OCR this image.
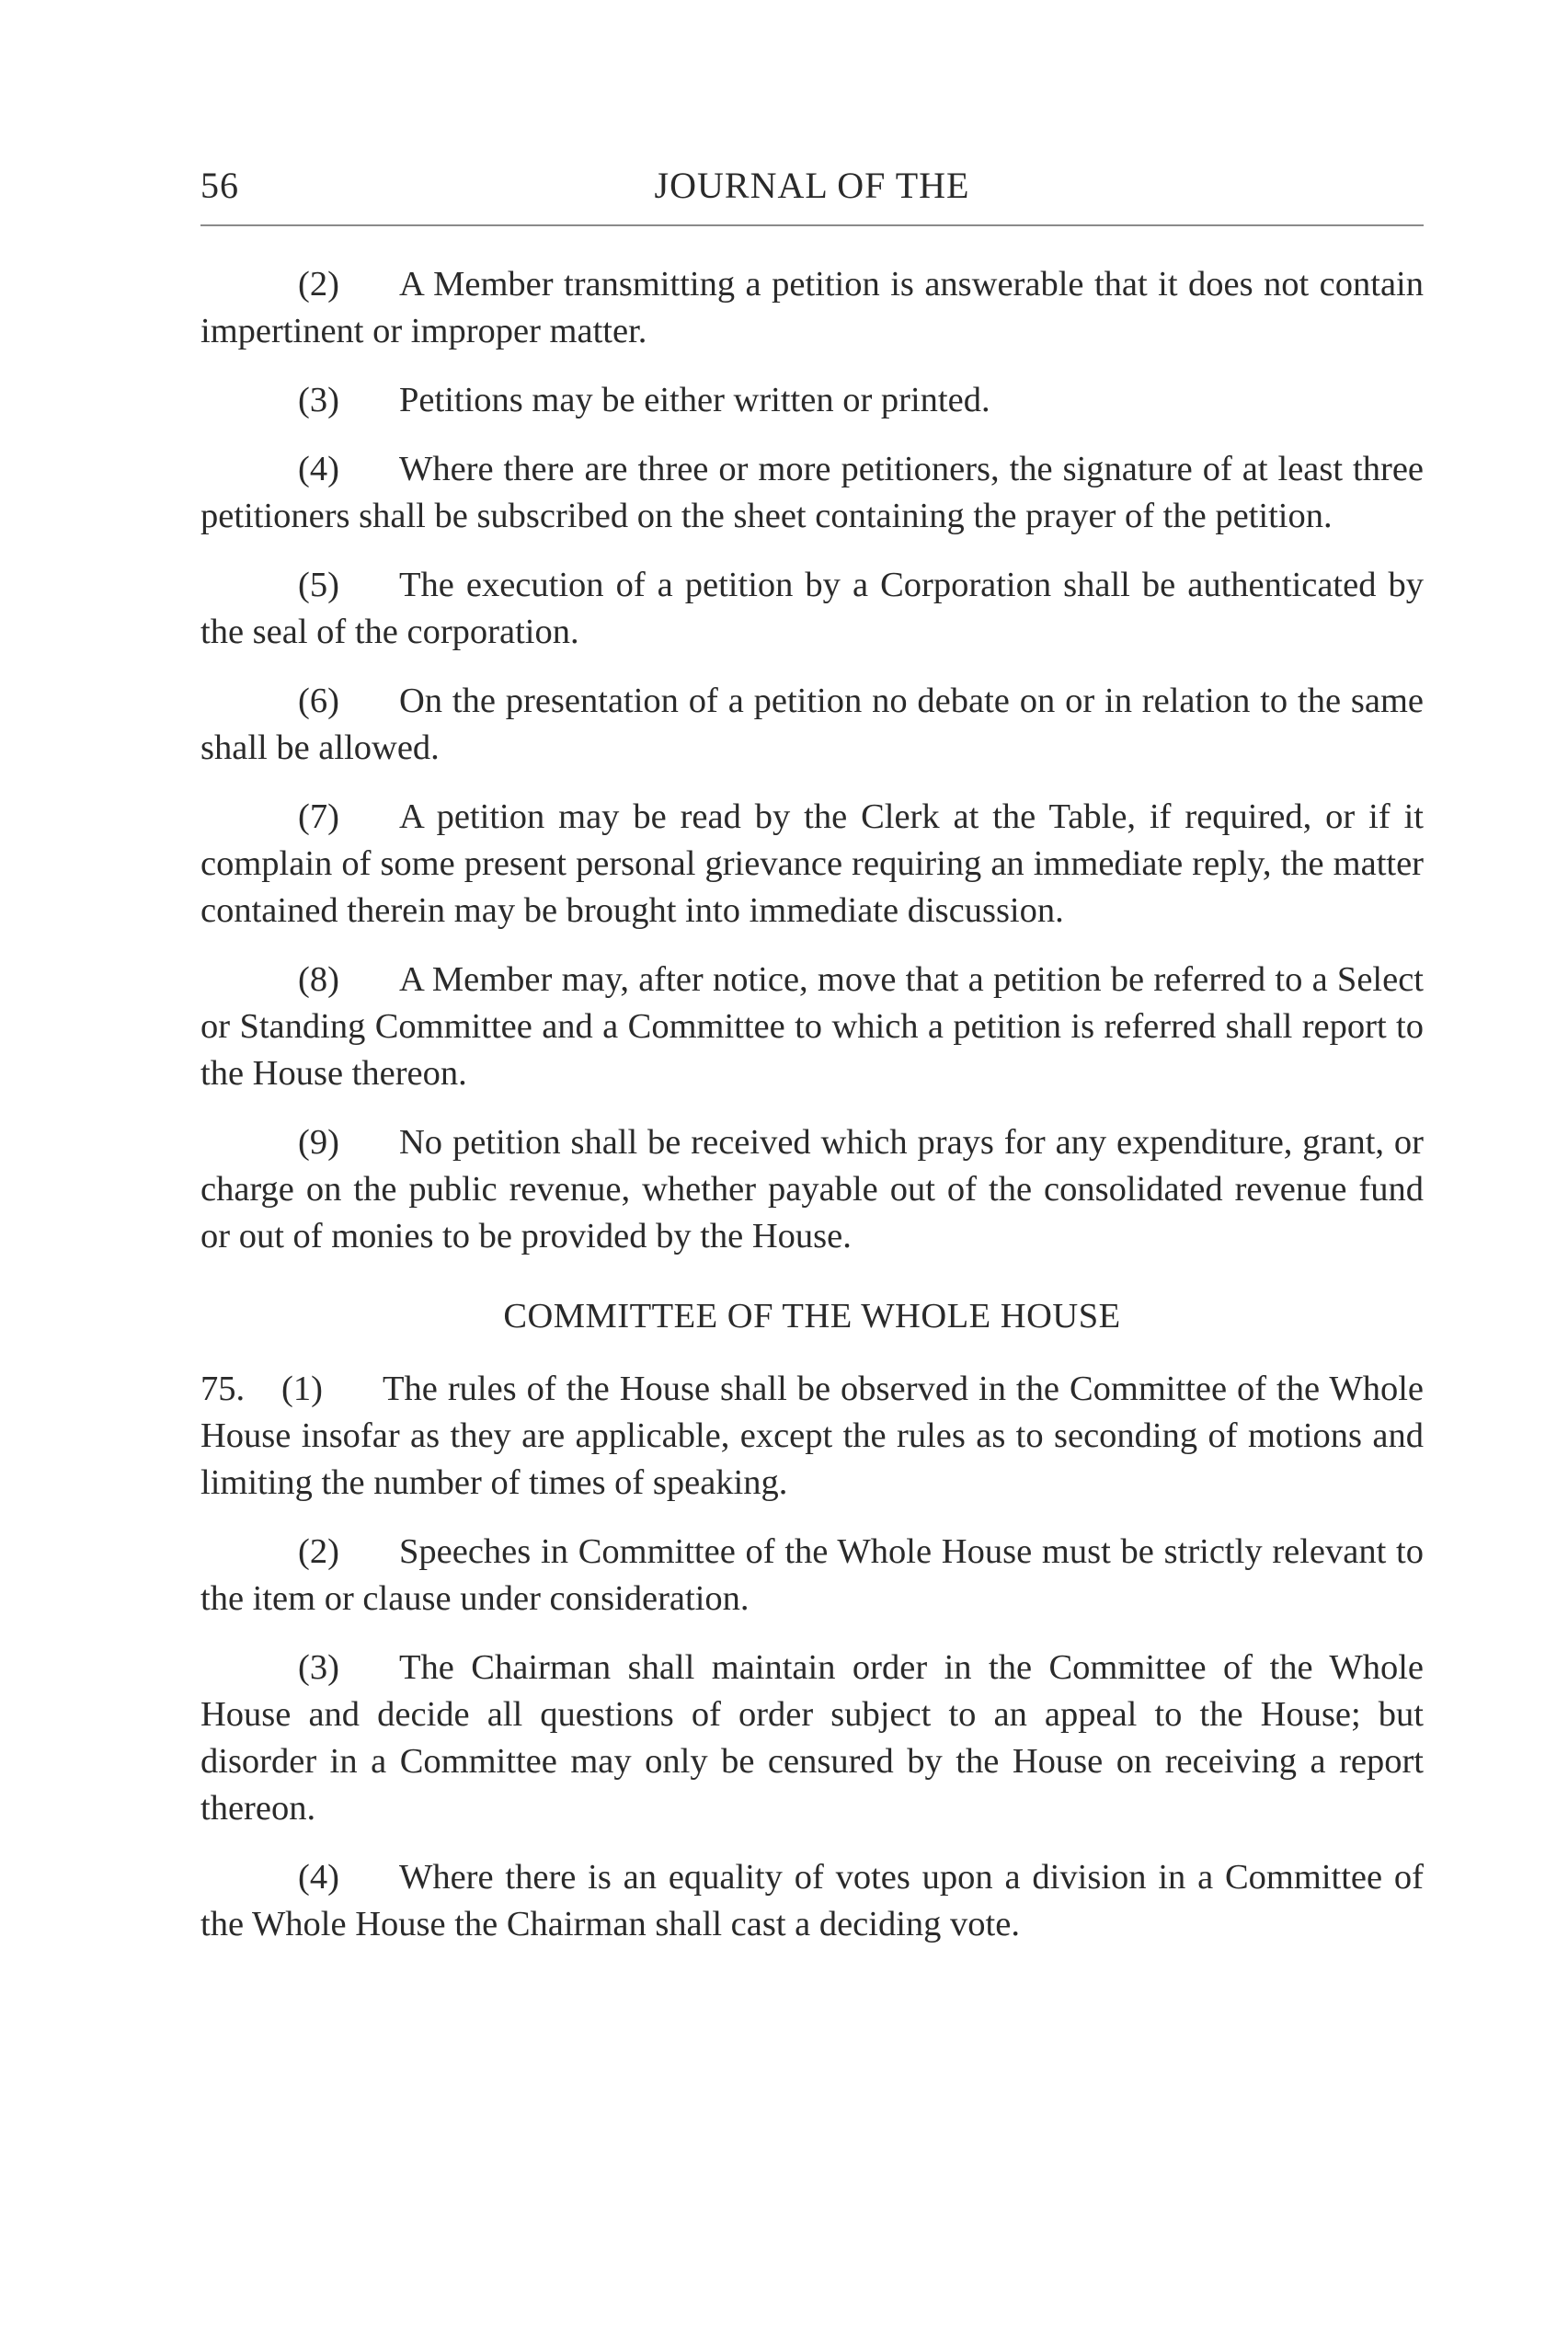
56	JOURNAL OF THE

(2) A Member transmitting a petition is answerable that it does not contain impertinent or improper matter.

(3) Petitions may be either written or printed.

(4) Where there are three or more petitioners, the signature of at least three petitioners shall be subscribed on the sheet containing the prayer of the petition.

(5) The execution of a petition by a Corporation shall be authenticated by the seal of the corporation.

(6) On the presentation of a petition no debate on or in relation to the same shall be allowed.

(7) A petition may be read by the Clerk at the Table, if required, or if it complain of some present personal grievance requiring an immediate reply, the matter contained therein may be brought into immediate discussion.

(8) A Member may, after notice, move that a petition be referred to a Select or Standing Committee and a Committee to which a petition is referred shall report to the House thereon.

(9) No petition shall be received which prays for any expenditure, grant, or charge on the public revenue, whether payable out of the consolidated revenue fund or out of monies to be provided by the House.

COMMITTEE OF THE WHOLE HOUSE

75. (1) The rules of the House shall be observed in the Committee of the Whole House insofar as they are applicable, except the rules as to seconding of motions and limiting the number of times of speaking.

(2) Speeches in Committee of the Whole House must be strictly relevant to the item or clause under consideration.

(3) The Chairman shall maintain order in the Committee of the Whole House and decide all questions of order subject to an appeal to the House; but disorder in a Committee may only be censured by the House on receiving a report thereon.

(4) Where there is an equality of votes upon a division in a Committee of the Whole House the Chairman shall cast a deciding vote.
